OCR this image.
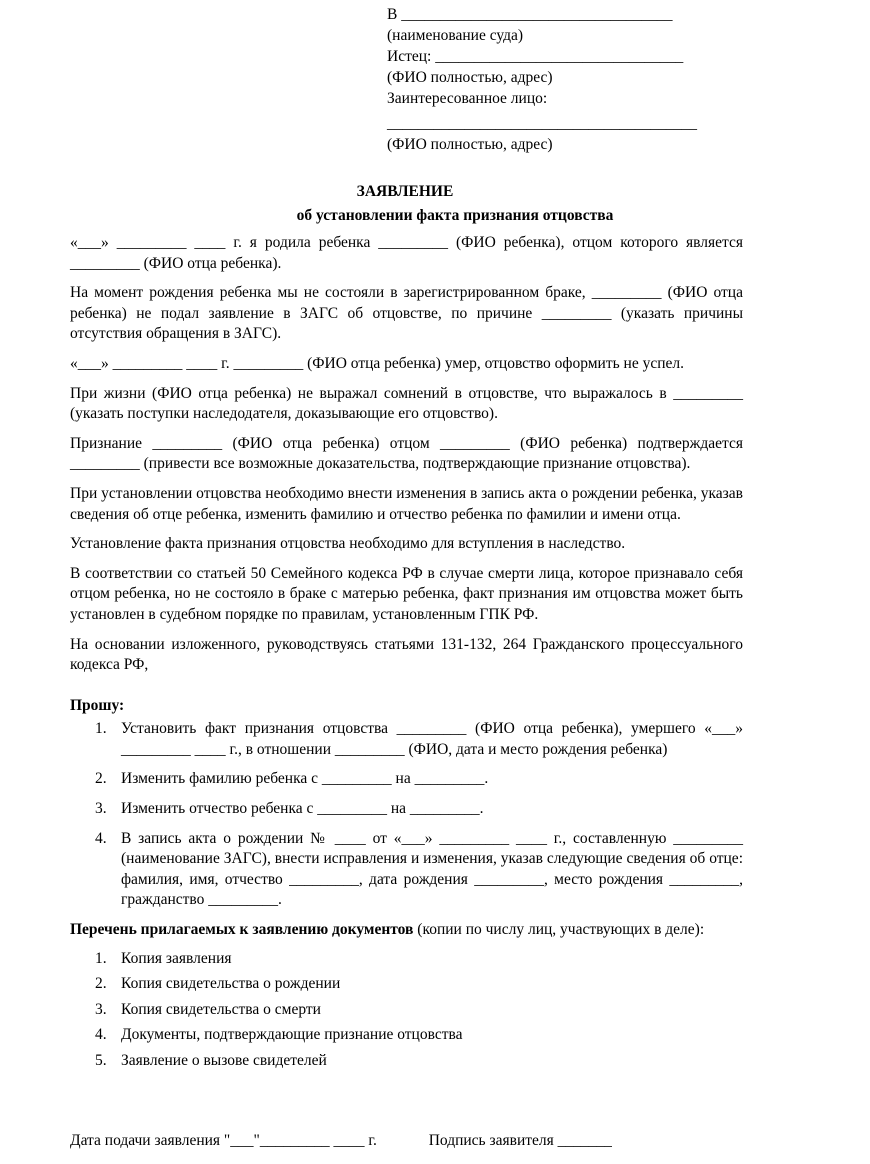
В ___________________________________
(наименование суда)
Истец: ________________________________
(ФИО полностью, адрес)
Заинтересованное лицо:
________________________________________
(ФИО полностью, адрес)
ЗАЯВЛЕНИЕ
об установлении факта признания отцовства

«___» _________ ____ г. я родила ребенка _________ (ФИО ребенка), отцом которого является _________ (ФИО отца ребенка).

На момент рождения ребенка мы не состояли в зарегистрированном браке, _________ (ФИО отца ребенка) не подал заявление в ЗАГС об отцовстве, по причине _________ (указать причины отсутствия обращения в ЗАГС).

«___» _________ ____ г. _________ (ФИО отца ребенка) умер, отцовство оформить не успел.

При жизни (ФИО отца ребенка) не выражал сомнений в отцовстве, что выражалось в _________ (указать поступки наследодателя, доказывающие его отцовство).

Признание _________ (ФИО отца ребенка) отцом _________ (ФИО ребенка) подтверждается _________ (привести все возможные доказательства, подтверждающие признание отцовства).

При установлении отцовства необходимо внести изменения в запись акта о рождении ребенка, указав сведения об отце ребенка, изменить фамилию и отчество ребенка по фамилии и имени отца.

Установление факта признания отцовства необходимо для вступления в наследство.

В соответствии со статьей 50 Семейного кодекса РФ в случае смерти лица, которое признавало себя отцом ребенка, но не состояло в браке с матерью ребенка, факт признания им отцовства может быть установлен в судебном порядке по правилам, установленным ГПК РФ.

На основании изложенного, руководствуясь статьями 131-132, 264 Гражданского процессуального кодекса РФ,

Прошу:
1. Установить факт признания отцовства _________ (ФИО отца ребенка), умершего «___» _________ ____ г., в отношении _________ (ФИО, дата и место рождения ребенка)
2. Изменить фамилию ребенка с _________ на _________.
3. Изменить отчество ребенка с _________ на _________.
4. В запись акта о рождении № ____ от «___» _________ ____ г., составленную _________ (наименование ЗАГС), внести исправления и изменения, указав следующие сведения об отце: фамилия, имя, отчество _________, дата рождения _________, место рождения _________, гражданство _________.

Перечень прилагаемых к заявлению документов (копии по числу лиц, участвующих в деле):

1. Копия заявления
2. Копия свидетельства о рождении
3. Копия свидетельства о смерти
4. Документы, подтверждающие признание отцовства
5. Заявление о вызове свидетелей
Дата подачи заявления "___"_________ ____ г.	Подпись заявителя _______
